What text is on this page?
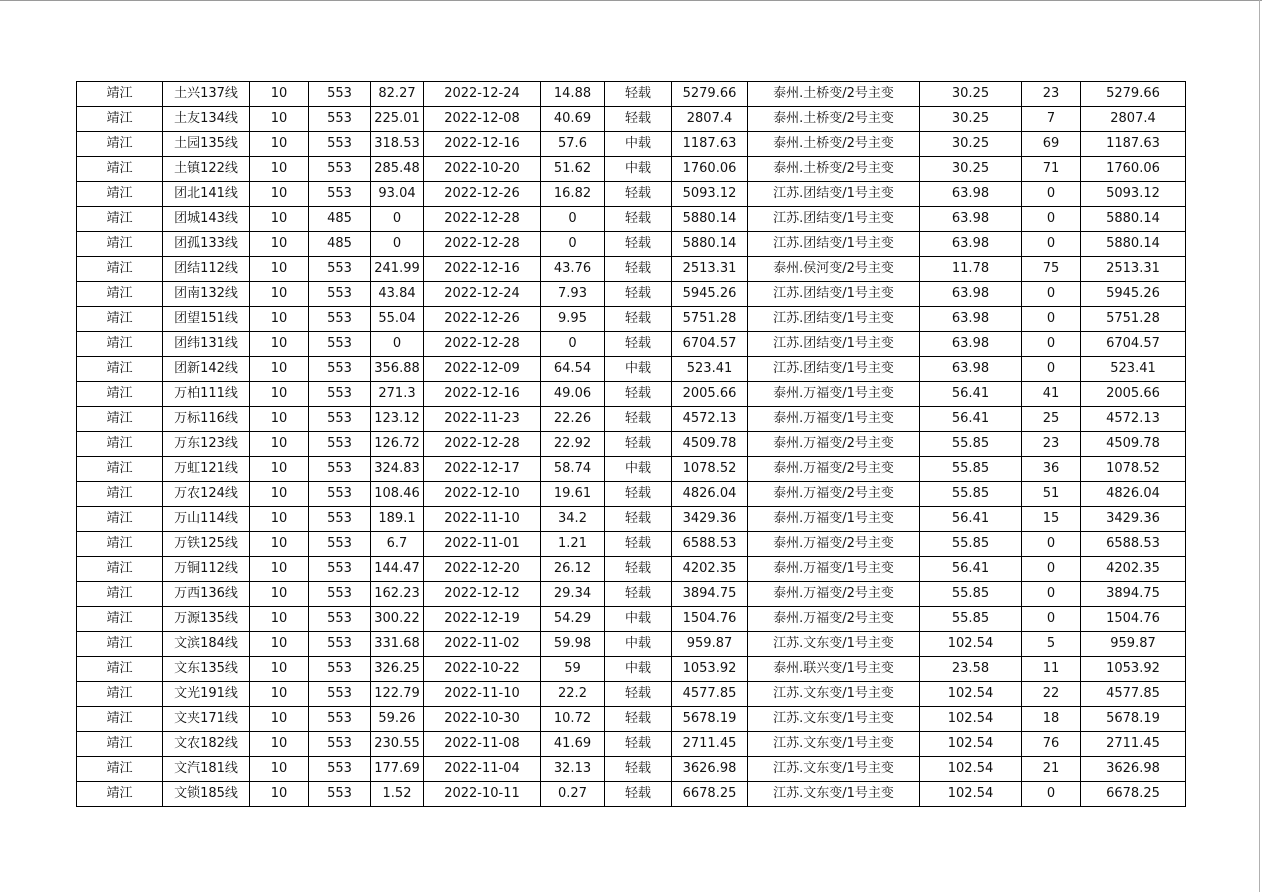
靖江	土兴137线	10	553	82.27	2022-12-24	14.88	轻载	5279.66	泰州.土桥变/2号主变	30.25	23	5279.66
靖江	土友134线	10	553	225.01	2022-12-08	40.69	轻载	2807.4	泰州.土桥变/2号主变	30.25	7	2807.4
靖江	土园135线	10	553	318.53	2022-12-16	57.6	中载	1187.63	泰州.土桥变/2号主变	30.25	69	1187.63
靖江	土镇122线	10	553	285.48	2022-10-20	51.62	中载	1760.06	泰州.土桥变/2号主变	30.25	71	1760.06
靖江	团北141线	10	553	93.04	2022-12-26	16.82	轻载	5093.12	江苏.团结变/1号主变	63.98	0	5093.12
靖江	团城143线	10	485	0	2022-12-28	0	轻载	5880.14	江苏.团结变/1号主变	63.98	0	5880.14
靖江	团孤133线	10	485	0	2022-12-28	0	轻载	5880.14	江苏.团结变/1号主变	63.98	0	5880.14
靖江	团结112线	10	553	241.99	2022-12-16	43.76	轻载	2513.31	泰州.侯河变/2号主变	11.78	75	2513.31
靖江	团南132线	10	553	43.84	2022-12-24	7.93	轻载	5945.26	江苏.团结变/1号主变	63.98	0	5945.26
靖江	团望151线	10	553	55.04	2022-12-26	9.95	轻载	5751.28	江苏.团结变/1号主变	63.98	0	5751.28
靖江	团纬131线	10	553	0	2022-12-28	0	轻载	6704.57	江苏.团结变/1号主变	63.98	0	6704.57
靖江	团新142线	10	553	356.88	2022-12-09	64.54	中载	523.41	江苏.团结变/1号主变	63.98	0	523.41
靖江	万柏111线	10	553	271.3	2022-12-16	49.06	轻载	2005.66	泰州.万福变/1号主变	56.41	41	2005.66
靖江	万标116线	10	553	123.12	2022-11-23	22.26	轻载	4572.13	泰州.万福变/1号主变	56.41	25	4572.13
靖江	万东123线	10	553	126.72	2022-12-28	22.92	轻载	4509.78	泰州.万福变/2号主变	55.85	23	4509.78
靖江	万虹121线	10	553	324.83	2022-12-17	58.74	中载	1078.52	泰州.万福变/2号主变	55.85	36	1078.52
靖江	万农124线	10	553	108.46	2022-12-10	19.61	轻载	4826.04	泰州.万福变/2号主变	55.85	51	4826.04
靖江	万山114线	10	553	189.1	2022-11-10	34.2	轻载	3429.36	泰州.万福变/1号主变	56.41	15	3429.36
靖江	万铁125线	10	553	6.7	2022-11-01	1.21	轻载	6588.53	泰州.万福变/2号主变	55.85	0	6588.53
靖江	万铜112线	10	553	144.47	2022-12-20	26.12	轻载	4202.35	泰州.万福变/1号主变	56.41	0	4202.35
靖江	万西136线	10	553	162.23	2022-12-12	29.34	轻载	3894.75	泰州.万福变/2号主变	55.85	0	3894.75
靖江	万源135线	10	553	300.22	2022-12-19	54.29	中载	1504.76	泰州.万福变/2号主变	55.85	0	1504.76
靖江	文滨184线	10	553	331.68	2022-11-02	59.98	中载	959.87	江苏.文东变/1号主变	102.54	5	959.87
靖江	文东135线	10	553	326.25	2022-10-22	59	中载	1053.92	泰州.联兴变/1号主变	23.58	11	1053.92
靖江	文光191线	10	553	122.79	2022-11-10	22.2	轻载	4577.85	江苏.文东变/1号主变	102.54	22	4577.85
靖江	文夹171线	10	553	59.26	2022-10-30	10.72	轻载	5678.19	江苏.文东变/1号主变	102.54	18	5678.19
靖江	文农182线	10	553	230.55	2022-11-08	41.69	轻载	2711.45	江苏.文东变/1号主变	102.54	76	2711.45
靖江	文汽181线	10	553	177.69	2022-11-04	32.13	轻载	3626.98	江苏.文东变/1号主变	102.54	21	3626.98
靖江	文锁185线	10	553	1.52	2022-10-11	0.27	轻载	6678.25	江苏.文东变/1号主变	102.54	0	6678.25
